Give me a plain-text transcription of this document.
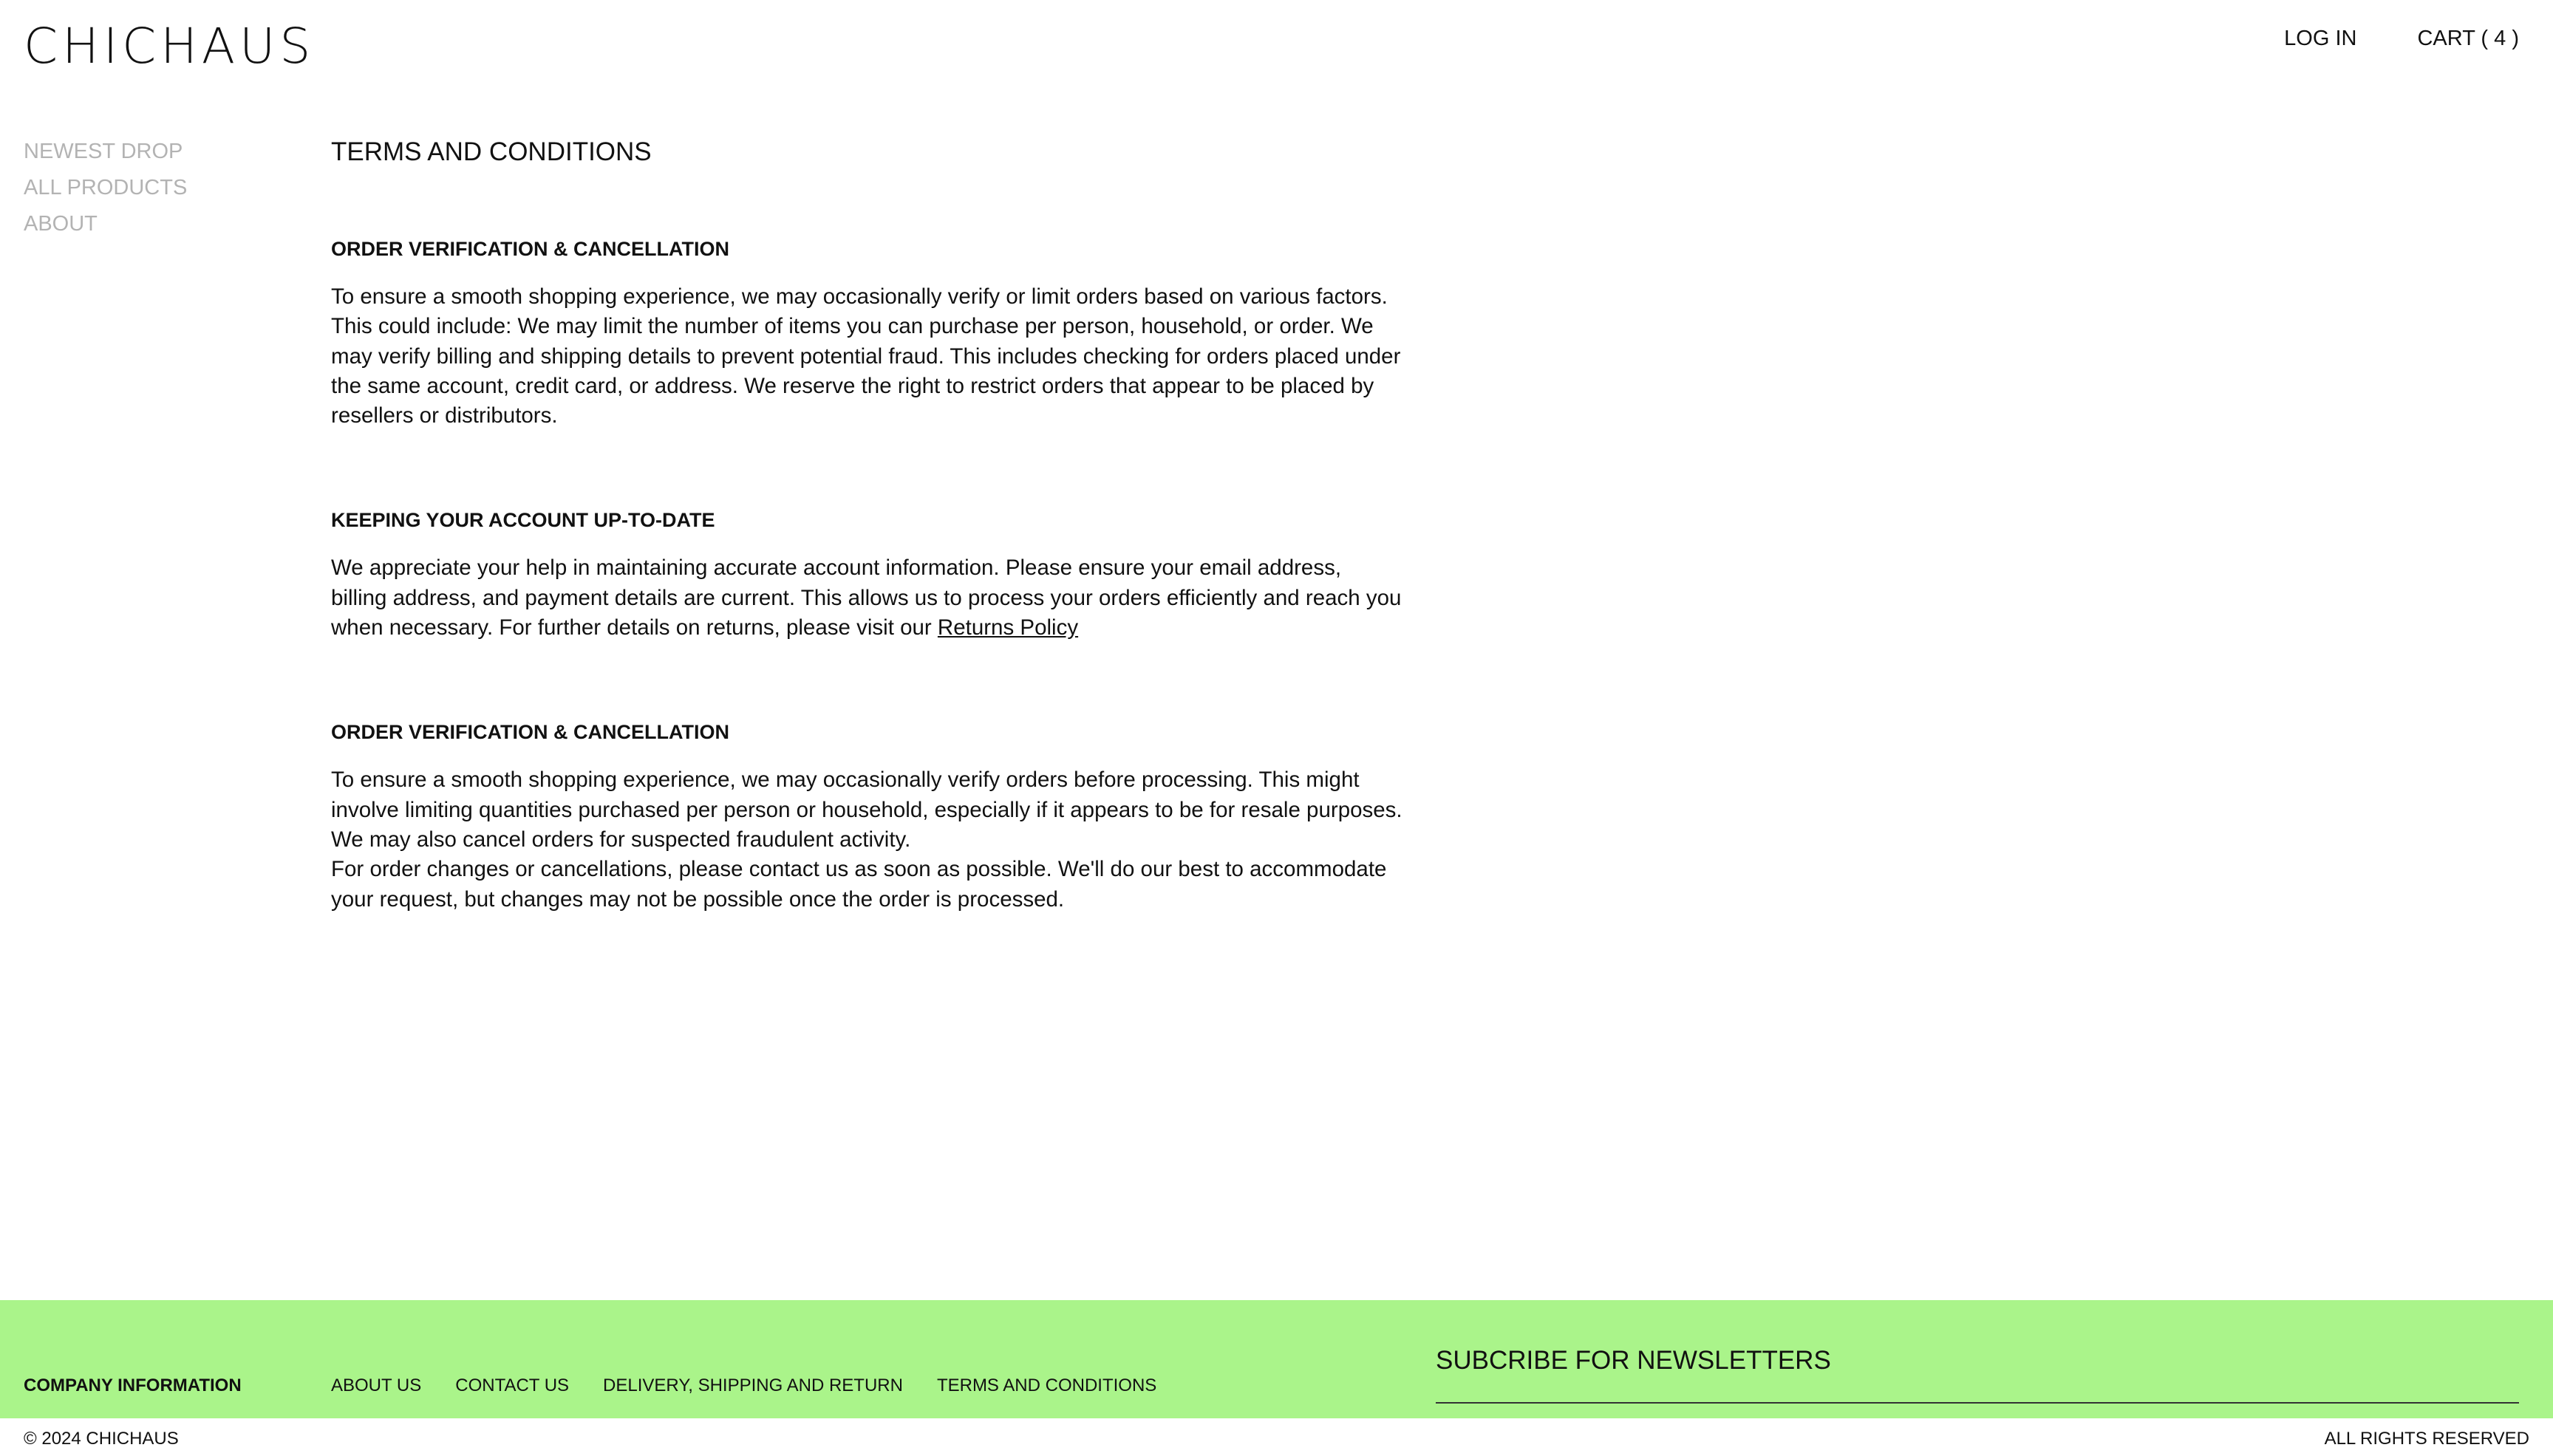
CHICHAUS	LOG IN	CART ( 4 )
NEWEST DROP
ALL PRODUCTS
ABOUT
TERMS AND CONDITIONS
ORDER VERIFICATION & CANCELLATION

To ensure a smooth shopping experience, we may occasionally verify or limit orders based on various factors. This could include: We may limit the number of items you can purchase per person, household, or order. We may verify billing and shipping details to prevent potential fraud. This includes checking for orders placed under the same account, credit card, or address. We reserve the right to restrict orders that appear to be placed by resellers or distributors.

KEEPING YOUR ACCOUNT UP-TO-DATE

We appreciate your help in maintaining accurate account information. Please ensure your email address, billing address, and payment details are current. This allows us to process your orders efficiently and reach you when necessary. For further details on returns, please visit our Returns Policy

ORDER VERIFICATION & CANCELLATION

To ensure a smooth shopping experience, we may occasionally verify orders before processing. This might involve limiting quantities purchased per person or household, especially if it appears to be for resale purposes. We may also cancel orders for suspected fraudulent activity.

For order changes or cancellations, please contact us as soon as possible. We'll do our best to accommodate your request, but changes may not be possible once the order is processed.

COMPANY INFORMATION	ABOUT US CONTACT US DELIVERY, SHIPPING AND RETURN TERMS AND CONDITIONS
SUBCRIBE FOR NEWSLETTERS
© 2024 CHICHAUS	ALL RIGHTS RESERVED
